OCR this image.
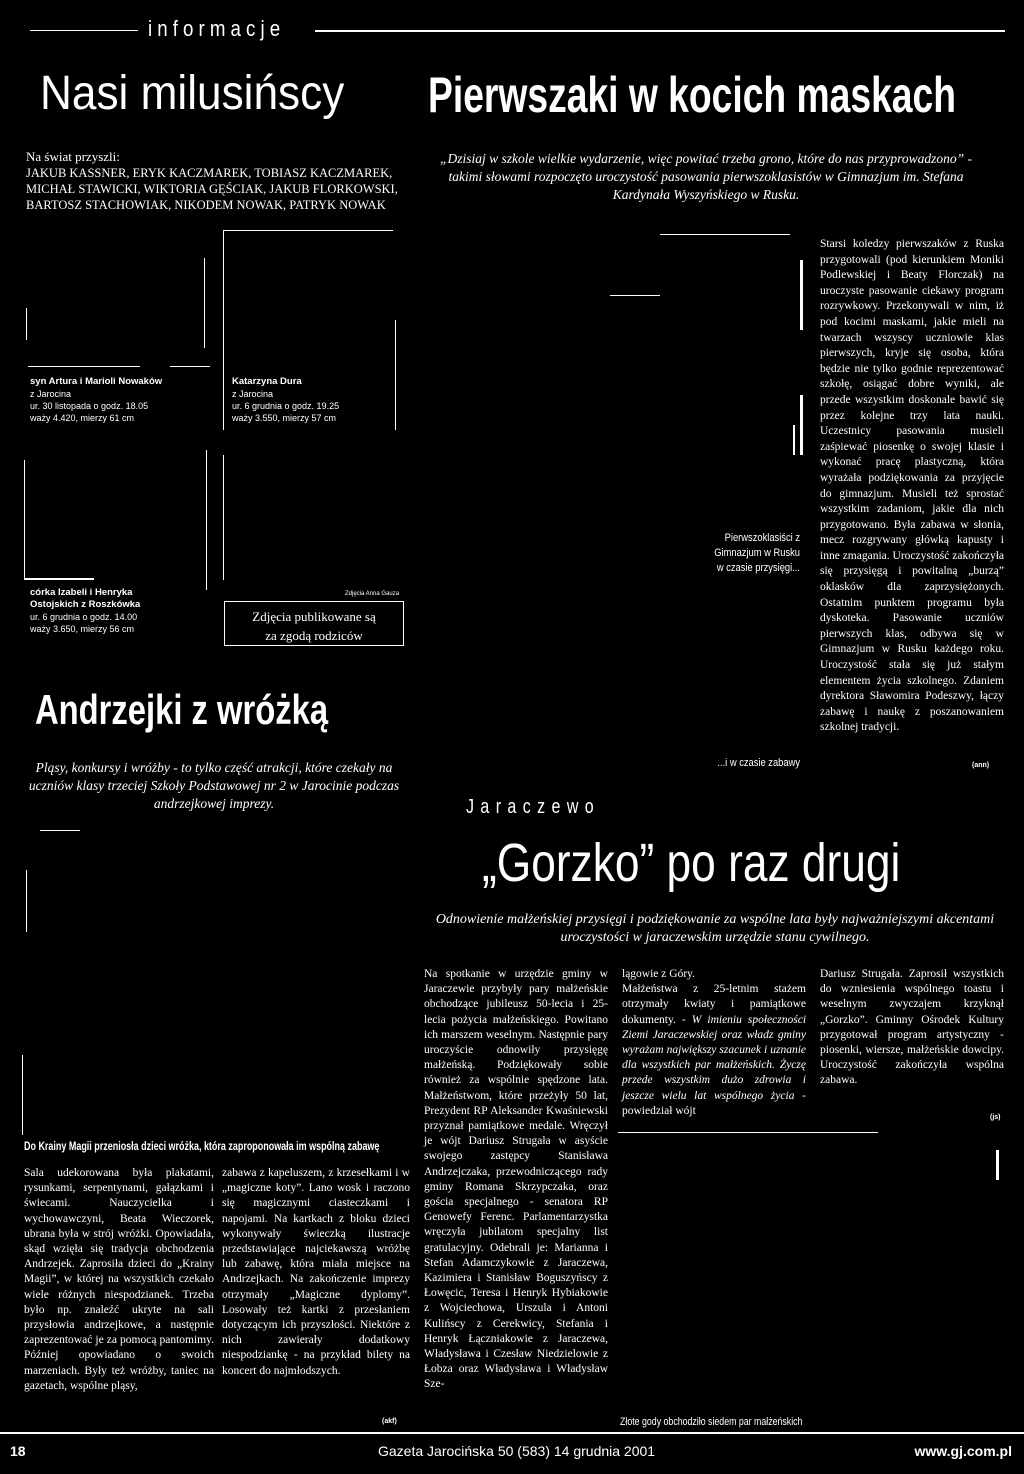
informacje
Nasi milusińscy
Na świat przyszli:
JAKUB KASSNER, ERYK KACZMAREK, TOBIASZ KACZMAREK,
MICHAŁ STAWICKI, WIKTORIA GĘŚCIAK, JAKUB FLORKOWSKI,
BARTOSZ STACHOWIAK, NIKODEM NOWAK, PATRYK NOWAK
syn Artura i Marioli Nowaków
z Jarocina
ur. 30 listopada o godz. 18.05
waży 4.420, mierzy 61 cm
Katarzyna Dura
z Jarocina
ur. 6 grudnia o godz. 19.25
waży 3.550, mierzy 57 cm
córka Izabeli i Henryka
Ostojskich z Roszkówka
ur. 6 grudnia o godz. 14.00
waży 3.650, mierzy 56 cm
Zdjęcia Anna Gauza
Zdjęcia publikowane są
za zgodą rodziców
Pierwszaki w kocich maskach
„Dzisiaj w szkole wielkie wydarzenie, więc powitać trzeba grono, które do nas przyprowadzono” - takimi słowami rozpoczęto uroczystość pasowania pierwszoklasistów w Gimnazjum im. Stefana Kardynała Wyszyńskiego w Rusku.
Pierwszoklasiści z Gimnazjum w Rusku w czasie przysięgi...
...i w czasie zabawy
Starsi koledzy pierwszaków z Ruska przygotowali (pod kierunkiem Moniki Podlewskiej i Beaty Florczak) na uroczyste pasowanie ciekawy program rozrywkowy. Przekonywali w nim, iż pod kocimi maskami, jakie mieli na twarzach wszyscy uczniowie klas pierwszych, kryje się osoba, która będzie nie tylko godnie reprezentować szkołę, osiągać dobre wyniki, ale przede wszystkim doskonale bawić się przez kolejne trzy lata nauki. Uczestnicy pasowania musieli zaśpiewać piosenkę o swojej klasie i wykonać pracę plastyczną, która wyrażała podziękowania za przyjęcie do gimnazjum. Musieli też sprostać wszystkim zadaniom, jakie dla nich przygotowano. Była zabawa w słonia, mecz rozgrywany główką kapusty i inne zmagania. Uroczystość zakończyła się przysięgą i powitalną „burzą” oklasków dla zaprzysiężonych. Ostatnim punktem programu była dyskoteka. Pasowanie uczniów pierwszych klas, odbywa się w Gimnazjum w Rusku każdego roku. Uroczystość stała się już stałym elementem życia szkolnego. Zdaniem dyrektora Sławomira Podeszwy, łączy zabawę i naukę z poszanowaniem szkolnej tradycji.
(ann)
Andrzejki z wróżką
Pląsy, konkursy i wróżby - to tylko część atrakcji, które czekały na uczniów klasy trzeciej Szkoły Podstawowej nr 2 w Jarocinie podczas andrzejkowej imprezy.
Do Krainy Magii przeniosła dzieci wróżka, która zaproponowała im wspólną zabawę
Sala udekorowana była plakatami, rysunkami, serpentynami, gałązkami i świecami. Nauczycielka i wychowawczyni, Beata Wieczorek, ubrana była w strój wróżki. Opowiadała, skąd wzięła się tradycja obchodzenia Andrzejek. Zaprosiła dzieci do „Krainy Magii”, w której na wszystkich czekało wiele różnych niespodzianek. Trzeba było np. znaleźć ukryte na sali przysłowia andrzejkowe, a następnie zaprezentować je za pomocą pantomimy. Później opowiadano o swoich marzeniach. Były też wróżby, taniec na gazetach, wspólne pląsy,
zabawa z kapeluszem, z krzesełkami i w „magiczne koty”. Lano wosk i raczono się magicznymi ciasteczkami i napojami. Na kartkach z bloku dzieci wykonywały świeczką ilustracje przedstawiające najciekawszą wróżbę lub zabawę, która miała miejsce na Andrzejkach. Na zakończenie imprezy otrzymały „Magiczne dyplomy”. Losowały też kartki z przesłaniem dotyczącym ich przyszłości. Niektóre z nich zawierały dodatkowy niespodziankę - na przykład bilety na koncert do najmłodszych.
(akf)
Jaraczewo
„Gorzko” po raz drugi
Odnowienie małżeńskiej przysięgi i podziękowanie za wspólne lata były najważniejszymi akcentami uroczystości w jaraczewskim urzędzie stanu cywilnego.
Na spotkanie w urzędzie gminy w Jaraczewie przybyły pary małżeńskie obchodzące jubileusz 50-lecia i 25-lecia pożycia małżeńskiego. Powitano ich marszem weselnym. Następnie pary uroczyście odnowiły przysięgę małżeńską. Podziękowały sobie również za wspólnie spędzone lata. Małżeństwom, które przeżyły 50 lat, Prezydent RP Aleksander Kwaśniewski przyznał pamiątkowe medale. Wręczył je wójt Dariusz Strugała w asyście swojego zastępcy Stanisława Andrzejczaka, przewodniczącego rady gminy Romana Skrzypczaka, oraz gościa specjalnego - senatora RP Genowefy Ferenc. Parlamentarzystka wręczyła jubilatom specjalny list gratulacyjny. Odebrali je: Marianna i Stefan Adamczykowie z Jaraczewa, Kazimiera i Stanisław Boguszyńscy z Łowęcic, Teresa i Henryk Hybiakowie z Wojciechowa, Urszula i Antoni Kulińscy z Cerekwicy, Stefania i Henryk Łączniakowie z Jaraczewa, Władysława i Czesław Niedzielowie z Łobza oraz Władysława i Władysław Sze-
lągowie z Góry.
Małżeństwa z 25-letnim stażem otrzymały kwiaty i pamiątkowe dokumenty. - W imieniu społeczności Ziemi Jaraczewskiej oraz władz gminy wyrażam największy szacunek i uznanie dla wszystkich par małżeńskich. Życzę przede wszystkim dużo zdrowia i jeszcze wielu lat wspólnego życia - powiedział wójt
Złote gody obchodziło siedem par małżeńskich
Dariusz Strugała. Zaprosił wszystkich do wzniesienia wspólnego toastu i weselnym zwyczajem krzyknął „Gorzko”. Gminny Ośrodek Kultury przygotował program artystyczny - piosenki, wiersze, małżeńskie dowcipy. Uroczystość zakończyła wspólna zabawa.
(js)
18	Gazeta Jarocińska 50 (583) 14 grudnia 2001	www.gj.com.pl
